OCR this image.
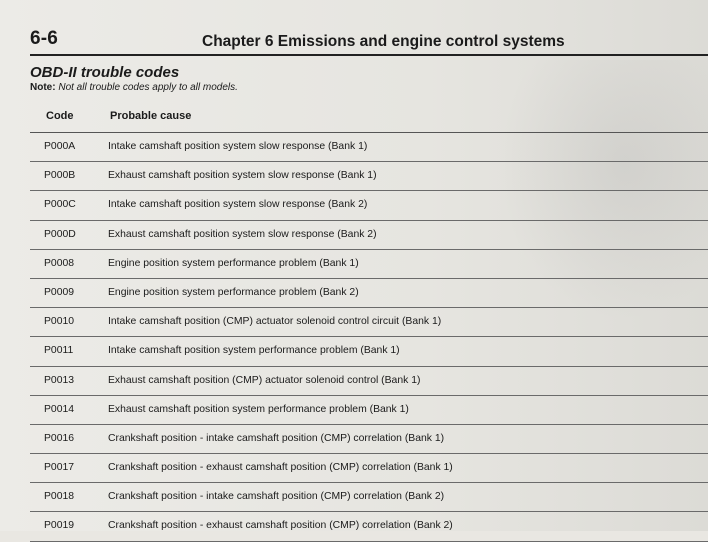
6-6	Chapter 6 Emissions and engine control systems
OBD-II trouble codes
Note: Not all trouble codes apply to all models.
Code	Probable cause
P000A	Intake camshaft position system slow response (Bank 1)
P000B	Exhaust camshaft position system slow response (Bank 1)
P000C	Intake camshaft position system slow response (Bank 2)
P000D	Exhaust camshaft position system slow response (Bank 2)
P0008	Engine position system performance problem (Bank 1)
P0009	Engine position system performance problem (Bank 2)
P0010	Intake camshaft position (CMP) actuator solenoid control circuit (Bank 1)
P0011	Intake camshaft position system performance problem (Bank 1)
P0013	Exhaust camshaft position (CMP) actuator solenoid control (Bank 1)
P0014	Exhaust camshaft position system performance problem (Bank 1)
P0016	Crankshaft position - intake camshaft position (CMP) correlation (Bank 1)
P0017	Crankshaft position - exhaust camshaft position (CMP) correlation (Bank 1)
P0018	Crankshaft position - intake camshaft position (CMP) correlation (Bank 2)
P0019	Crankshaft position - exhaust camshaft position (CMP) correlation (Bank 2)
